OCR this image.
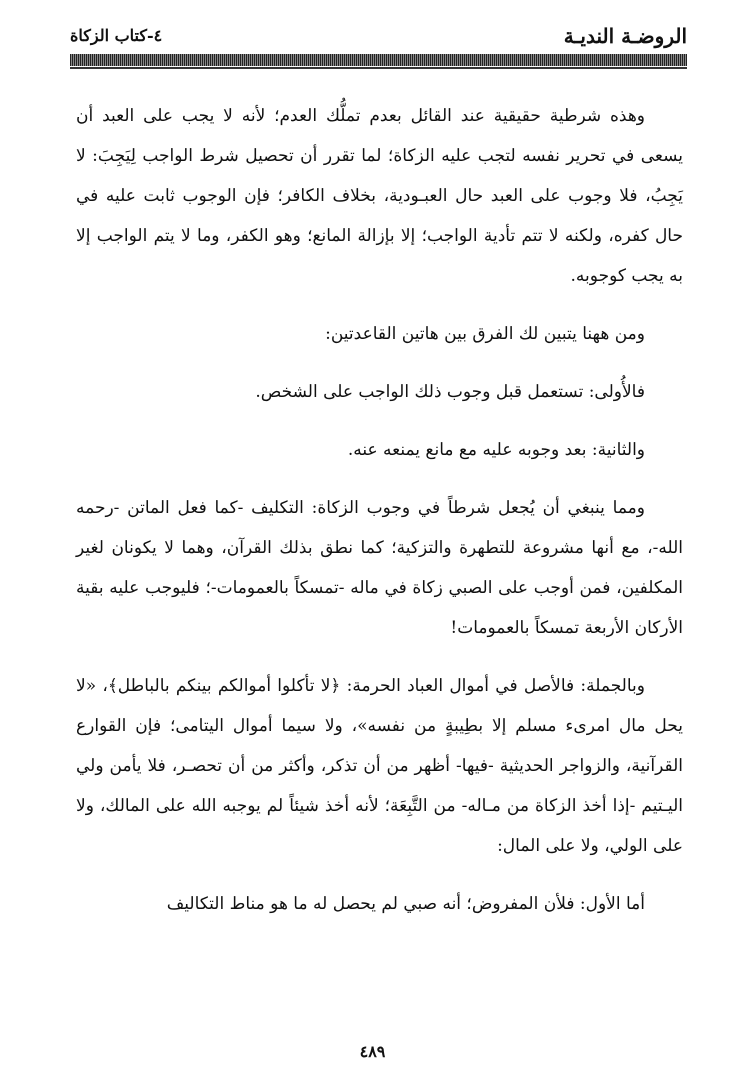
الروضـة النديـة
٤-كتاب الزكاة

وهذه شرطية حقيقية عند القائل بعدم تملُّك العدم؛ لأنه لا يجب على العبد أن يسعى في تحرير نفسه لتجب عليه الزكاة؛ لما تقرر أن تحصيل شرط الواجب لِيَجِبَ: لا يَجِبُ، فلا وجوب على العبد حال العبـودية، بخلاف الكافر؛ فإن الوجوب ثابت عليه في حال كفره، ولكنه لا تتم تأدية الواجب؛ إلا بإزالة المانع؛ وهو الكفر، وما لا يتم الواجب إلا به يجب كوجوبه.

ومن ههنا يتبين لك الفرق بين هاتين القاعدتين:

فالأُولى: تستعمل قبل وجوب ذلك الواجب على الشخص.

والثانية: بعد وجوبه عليه مع مانع يمنعه عنه.

ومما ينبغي أن يُجعل شرطاً في وجوب الزكاة: التكليف -كما فعل الماتن -رحمه الله-، مع أنها مشروعة للتطهرة والتزكية؛ كما نطق بذلك القرآن، وهما لا يكونان لغير المكلفين، فمن أوجب على الصبي زكاة في ماله -تمسكاً بالعمومات-؛ فليوجب عليه بقية الأركان الأربعة تمسكاً بالعمومات!

وبالجملة: فالأصل في أموال العباد الحرمة: ﴿لا تأكلوا أموالكم بينكم بالباطل﴾، «لا يحل مال امرىء مسلم إلا بطِيبةٍ من نفسه»، ولا سيما أموال اليتامى؛ فإن القوارع القرآنية، والزواجر الحديثية -فيها- أظهر من أن تذكر، وأكثر من أن تحصـر، فلا يأمن ولي اليـتيم -إذا أخذ الزكاة من مـاله- من التَّبِعَة؛ لأنه أخذ شيئاً لم يوجبه الله على المالك، ولا على الولي، ولا على المال:

أما الأول: فلأن المفروض؛ أنه صبي لم يحصل له ما هو مناط التكاليف

٤٨٩
